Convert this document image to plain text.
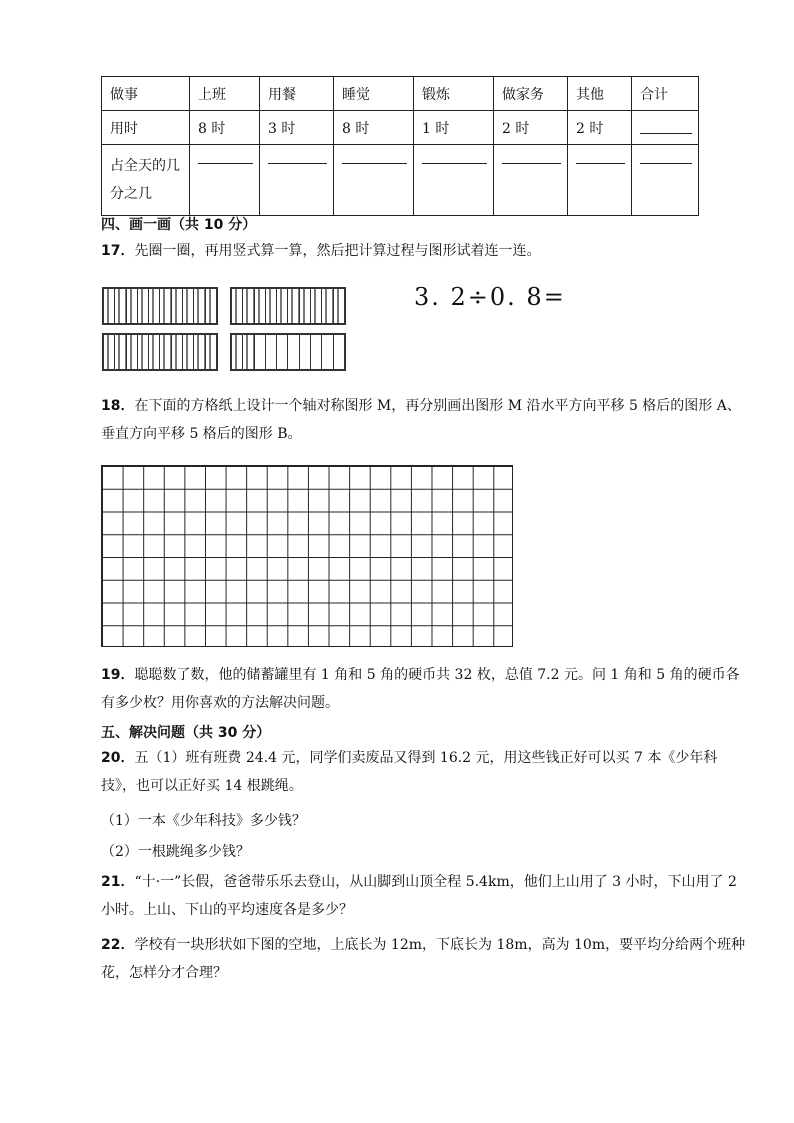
做事	上班	用餐	睡觉	锻炼	做家务	其他	合计
用时	8 时	3 时	8 时	1 时	2 时	2 时	

占全天的几分之几							

四、画一画（共 10 分）
17．先圈一圈，再用竖式算一算，然后把计算过程与图形试着连一连。
3. 2÷0. 8=
18．在下面的方格纸上设计一个轴对称图形 M，再分别画出图形 M 沿水平方向平移 5 格后的图形 A、垂直方向平移 5 格后的图形 B。
19．聪聪数了数，他的储蓄罐里有 1 角和 5 角的硬币共 32 枚，总值 7.2 元。问 1 角和 5 角的硬币各有多少枚？用你喜欢的方法解决问题。
五、解决问题（共 30 分）
20．五（1）班有班费 24.4 元，同学们卖废品又得到 16.2 元，用这些钱正好可以买 7 本《少年科技》，也可以正好买 14 根跳绳。
（1）一本《少年科技》多少钱？
（2）一根跳绳多少钱？
21．“十·一”长假，爸爸带乐乐去登山，从山脚到山顶全程 5.4km，他们上山用了 3 小时，下山用了 2 小时。上山、下山的平均速度各是多少？
22．学校有一块形状如下图的空地，上底长为 12m，下底长为 18m，高为 10m，要平均分给两个班种花，怎样分才合理？
